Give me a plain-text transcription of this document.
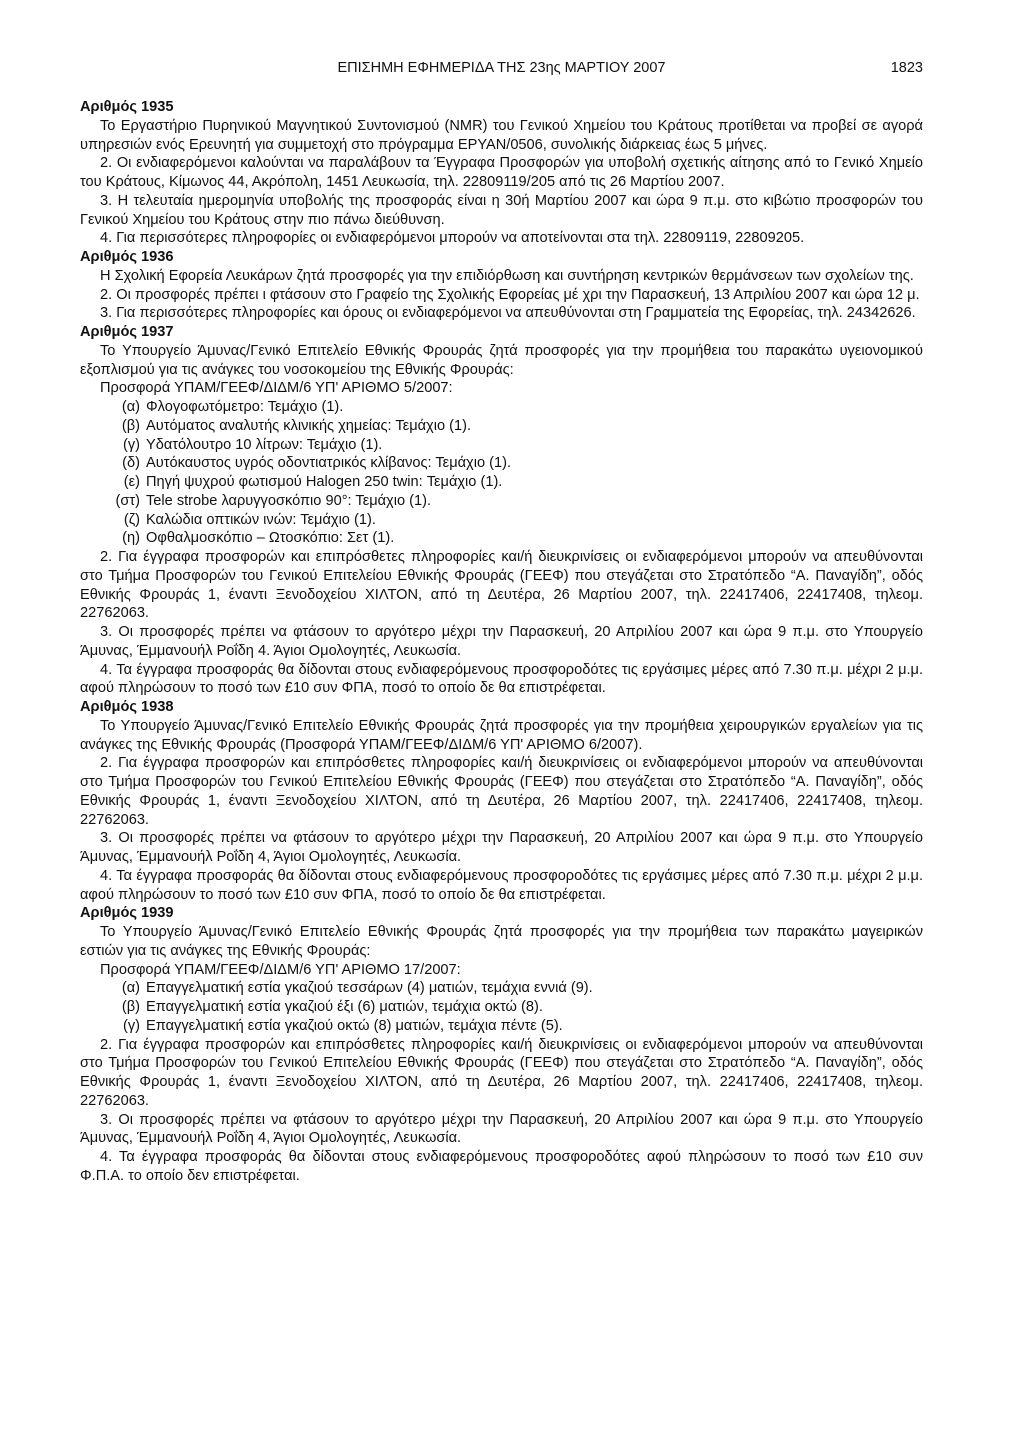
ΕΠΙΣΗΜΗ ΕΦΗΜΕΡΙΔΑ ΤΗΣ 23ης ΜΑΡΤΙΟΥ 2007	1823

Αριθμός 1935

Το Εργαστήριο Πυρηνικού Μαγνητικού Συντονισμού (NMR) του Γενικού Χημείου του Κράτους προτίθεται να προβεί σε αγορά υπηρεσιών ενός Ερευνητή για συμμετοχή στο πρόγραμμα ΕΡΥΑΝ/0506, συνολικής διάρκειας έως 5 μήνες.

2. Οι ενδιαφερόμενοι καλούνται να παραλάβουν τα Έγγραφα Προσφορών για υποβολή σχετικής αίτησης από το Γενικό Χημείο του Κράτους, Κίμωνος 44, Ακρόπολη, 1451 Λευκωσία, τηλ. 22809119/205 από τις 26 Μαρτίου 2007.

3. Η τελευταία ημερομηνία υποβολής της προσφοράς είναι η 30ή Μαρτίου 2007 και ώρα 9 π.μ. στο κιβώτιο προσφορών του Γενικού Χημείου του Κράτους στην πιο πάνω διεύθυνση.

4. Για περισσότερες πληροφορίες οι ενδιαφερόμενοι μπορούν να αποτείνονται στα τηλ. 22809119, 22809205.

Αριθμός 1936

Η Σχολική Εφορεία Λευκάρων ζητά προσφορές για την επιδιόρθωση και συντήρηση κεντρικών θερμάνσεων των σχολείων της.

2. Οι προσφορές πρέπει ι φτάσουν στο Γραφείο της Σχολικής Εφορείας μέ χρι την Παρασκευή, 13 Απριλίου 2007 και ώρα 12 μ.

3. Για περισσότερες πληροφορίες και όρους οι ενδιαφερόμενοι να απευθύνονται στη Γραμματεία της Εφορείας, τηλ. 24342626.

Αριθμός 1937

Το Υπουργείο Άμυνας/Γενικό Επιτελείο Εθνικής Φρουράς ζητά προσφορές για την προμήθεια του παρακάτω υγειονομικού εξοπλισμού για τις ανάγκες του νοσοκομείου της Εθνικής Φρουράς:

Προσφορά ΥΠΑΜ/ΓΕΕΦ/ΔΙΔΜ/6 ΥΠ' ΑΡΙΘΜΟ 5/2007:

(α) Φλογοφωτόμετρο: Τεμάχιο (1).
(β) Αυτόματος αναλυτής κλινικής χημείας: Τεμάχιο (1).
(γ) Υδατόλουτρο 10 λίτρων: Τεμάχιο (1).
(δ) Αυτόκαυστος υγρός οδοντιατρικός κλίβανος: Τεμάχιο (1).
(ε) Πηγή ψυχρού φωτισμού Halogen 250 twin: Τεμάχιο (1).
(στ) Tele strobe λαρυγγοσκόπιο 90°: Τεμάχιο (1).
(ζ) Καλώδια οπτικών ινών: Τεμάχιο (1).
(η) Οφθαλμοσκόπιο – Ωτοσκόπιο: Σετ (1).

2. Για έγγραφα προσφορών και επιπρόσθετες πληροφορίες και/ή διευκρινίσεις οι ενδιαφερόμενοι μπορούν να απευθύνονται στο Τμήμα Προσφορών του Γενικού Επιτελείου Εθνικής Φρουράς (ΓΕΕΦ) που στεγάζεται στο Στρατόπεδο “Α. Παναγίδη”, οδός Εθνικής Φρουράς 1, έναντι Ξενοδοχείου ΧΙΛΤΟΝ, από τη Δευτέρα, 26 Μαρτίου 2007, τηλ. 22417406, 22417408, τηλεομ. 22762063.

3. Οι προσφορές πρέπει να φτάσουν το αργότερο μέχρι την Παρασκευή, 20 Απριλίου 2007 και ώρα 9 π.μ. στο Υπουργείο Άμυνας, Έμμανουήλ Ροΐδη 4. Άγιοι Ομολογητές, Λευκωσία.

4. Τα έγγραφα προσφοράς θα δίδονται στους ενδιαφερόμενους προσφοροδότες τις εργάσιμες μέρες από 7.30 π.μ. μέχρι 2 μ.μ. αφού πληρώσουν το ποσό των £10 συν ΦΠΑ, ποσό το οποίο δε θα επιστρέφεται.

Αριθμός 1938

Το Υπουργείο Άμυνας/Γενικό Επιτελείο Εθνικής Φρουράς ζητά προσφορές για την προμήθεια χειρουργικών εργαλείων για τις ανάγκες της Εθνικής Φρουράς (Προσφορά ΥΠΑΜ/ΓΕΕΦ/ΔΙΔΜ/6 ΥΠ' ΑΡΙΘΜΟ 6/2007).

2. Για έγγραφα προσφορών και επιπρόσθετες πληροφορίες και/ή διευκρινίσεις οι ενδιαφερόμενοι μπορούν να απευθύνονται στο Τμήμα Προσφορών του Γενικού Επιτελείου Εθνικής Φρουράς (ΓΕΕΦ) που στεγάζεται στο Στρατόπεδο “Α. Παναγίδη”, οδός Εθνικής Φρουράς 1, έναντι Ξενοδοχείου ΧΙΛΤΟΝ, από τη Δευτέρα, 26 Μαρτίου 2007, τηλ. 22417406, 22417408, τηλεομ. 22762063.

3. Οι προσφορές πρέπει να φτάσουν το αργότερο μέχρι την Παρασκευή, 20 Απριλίου 2007 και ώρα 9 π.μ. στο Υπουργείο Άμυνας, Έμμανουήλ Ροΐδη 4, Άγιοι Ομολογητές, Λευκωσία.

4. Τα έγγραφα προσφοράς θα δίδονται στους ενδιαφερόμενους προσφοροδότες τις εργάσιμες μέρες από 7.30 π.μ. μέχρι 2 μ.μ. αφού πληρώσουν το ποσό των £10 συν ΦΠΑ, ποσό το οποίο δε θα επιστρέφεται.

Αριθμός 1939

Το Υπουργείο Άμυνας/Γενικό Επιτελείο Εθνικής Φρουράς ζητά προσφορές για την προμήθεια των παρακάτω μαγειρικών εστιών για τις ανάγκες της Εθνικής Φρουράς:

Προσφορά ΥΠΑΜ/ΓΕΕΦ/ΔΙΔΜ/6 ΥΠ' ΑΡΙΘΜΟ 17/2007:

(α) Επαγγελματική εστία γκαζιού τεσσάρων (4) ματιών, τεμάχια εννιά (9).
(β) Επαγγελματική εστία γκαζιού έξι (6) ματιών, τεμάχια οκτώ (8).
(γ) Επαγγελματική εστία γκαζιού οκτώ (8) ματιών, τεμάχια πέντε (5).

2. Για έγγραφα προσφορών και επιπρόσθετες πληροφορίες και/ή διευκρινίσεις οι ενδιαφερόμενοι μπορούν να απευθύνονται στο Τμήμα Προσφορών του Γενικού Επιτελείου Εθνικής Φρουράς (ΓΕΕΦ) που στεγάζεται στο Στρατόπεδο “Α. Παναγίδη”, οδός Εθνικής Φρουράς 1, έναντι Ξενοδοχείου ΧΙΛΤΟΝ, από τη Δευτέρα, 26 Μαρτίου 2007, τηλ. 22417406, 22417408, τηλεομ. 22762063.

3. Οι προσφορές πρέπει να φτάσουν το αργότερο μέχρι την Παρασκευή, 20 Απριλίου 2007 και ώρα 9 π.μ. στο Υπουργείο Άμυνας, Έμμανουήλ Ροΐδη 4, Άγιοι Ομολογητές, Λευκωσία.

4. Τα έγγραφα προσφοράς θα δίδονται στους ενδιαφερόμενους προσφοροδότες αφού πληρώσουν το ποσό των £10 συν Φ.Π.Α. το οποίο δεν επιστρέφεται.
